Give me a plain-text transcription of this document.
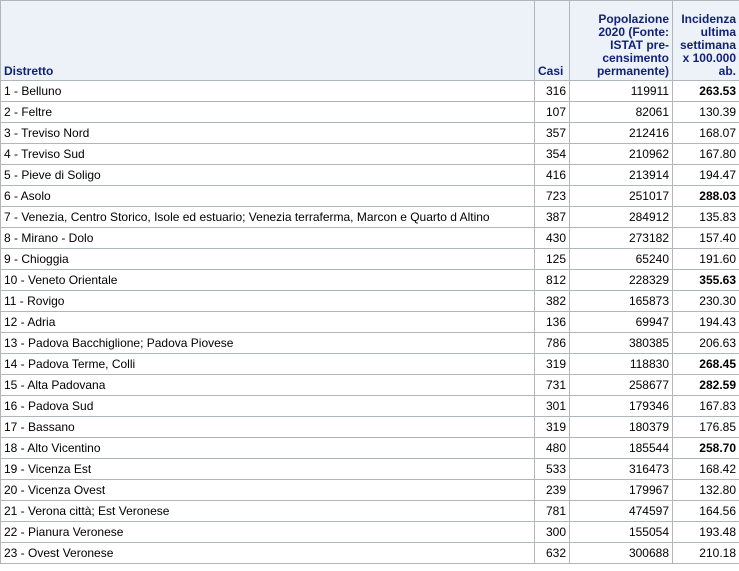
Distretto	Casi	Popolazione 2020 (Fonte: ISTAT pre-censimento permanente)	Incidenza ultima settimana x 100.000 ab.
1 - Belluno	316	119911	263.53
2 - Feltre	107	82061	130.39
3 - Treviso Nord	357	212416	168.07
4 - Treviso Sud	354	210962	167.80
5 - Pieve di Soligo	416	213914	194.47
6 - Asolo	723	251017	288.03
7 - Venezia, Centro Storico, Isole ed estuario; Venezia terraferma, Marcon e Quarto d Altino	387	284912	135.83
8 - Mirano - Dolo	430	273182	157.40
9 - Chioggia	125	65240	191.60
10 - Veneto Orientale	812	228329	355.63
11 - Rovigo	382	165873	230.30
12 - Adria	136	69947	194.43
13 - Padova Bacchiglione; Padova Piovese	786	380385	206.63
14 - Padova Terme, Colli	319	118830	268.45
15 - Alta Padovana	731	258677	282.59
16 - Padova Sud	301	179346	167.83
17 - Bassano	319	180379	176.85
18 - Alto Vicentino	480	185544	258.70
19 - Vicenza Est	533	316473	168.42
20 - Vicenza Ovest	239	179967	132.80
21 - Verona città; Est Veronese	781	474597	164.56
22 - Pianura Veronese	300	155054	193.48
23 - Ovest Veronese	632	300688	210.18
